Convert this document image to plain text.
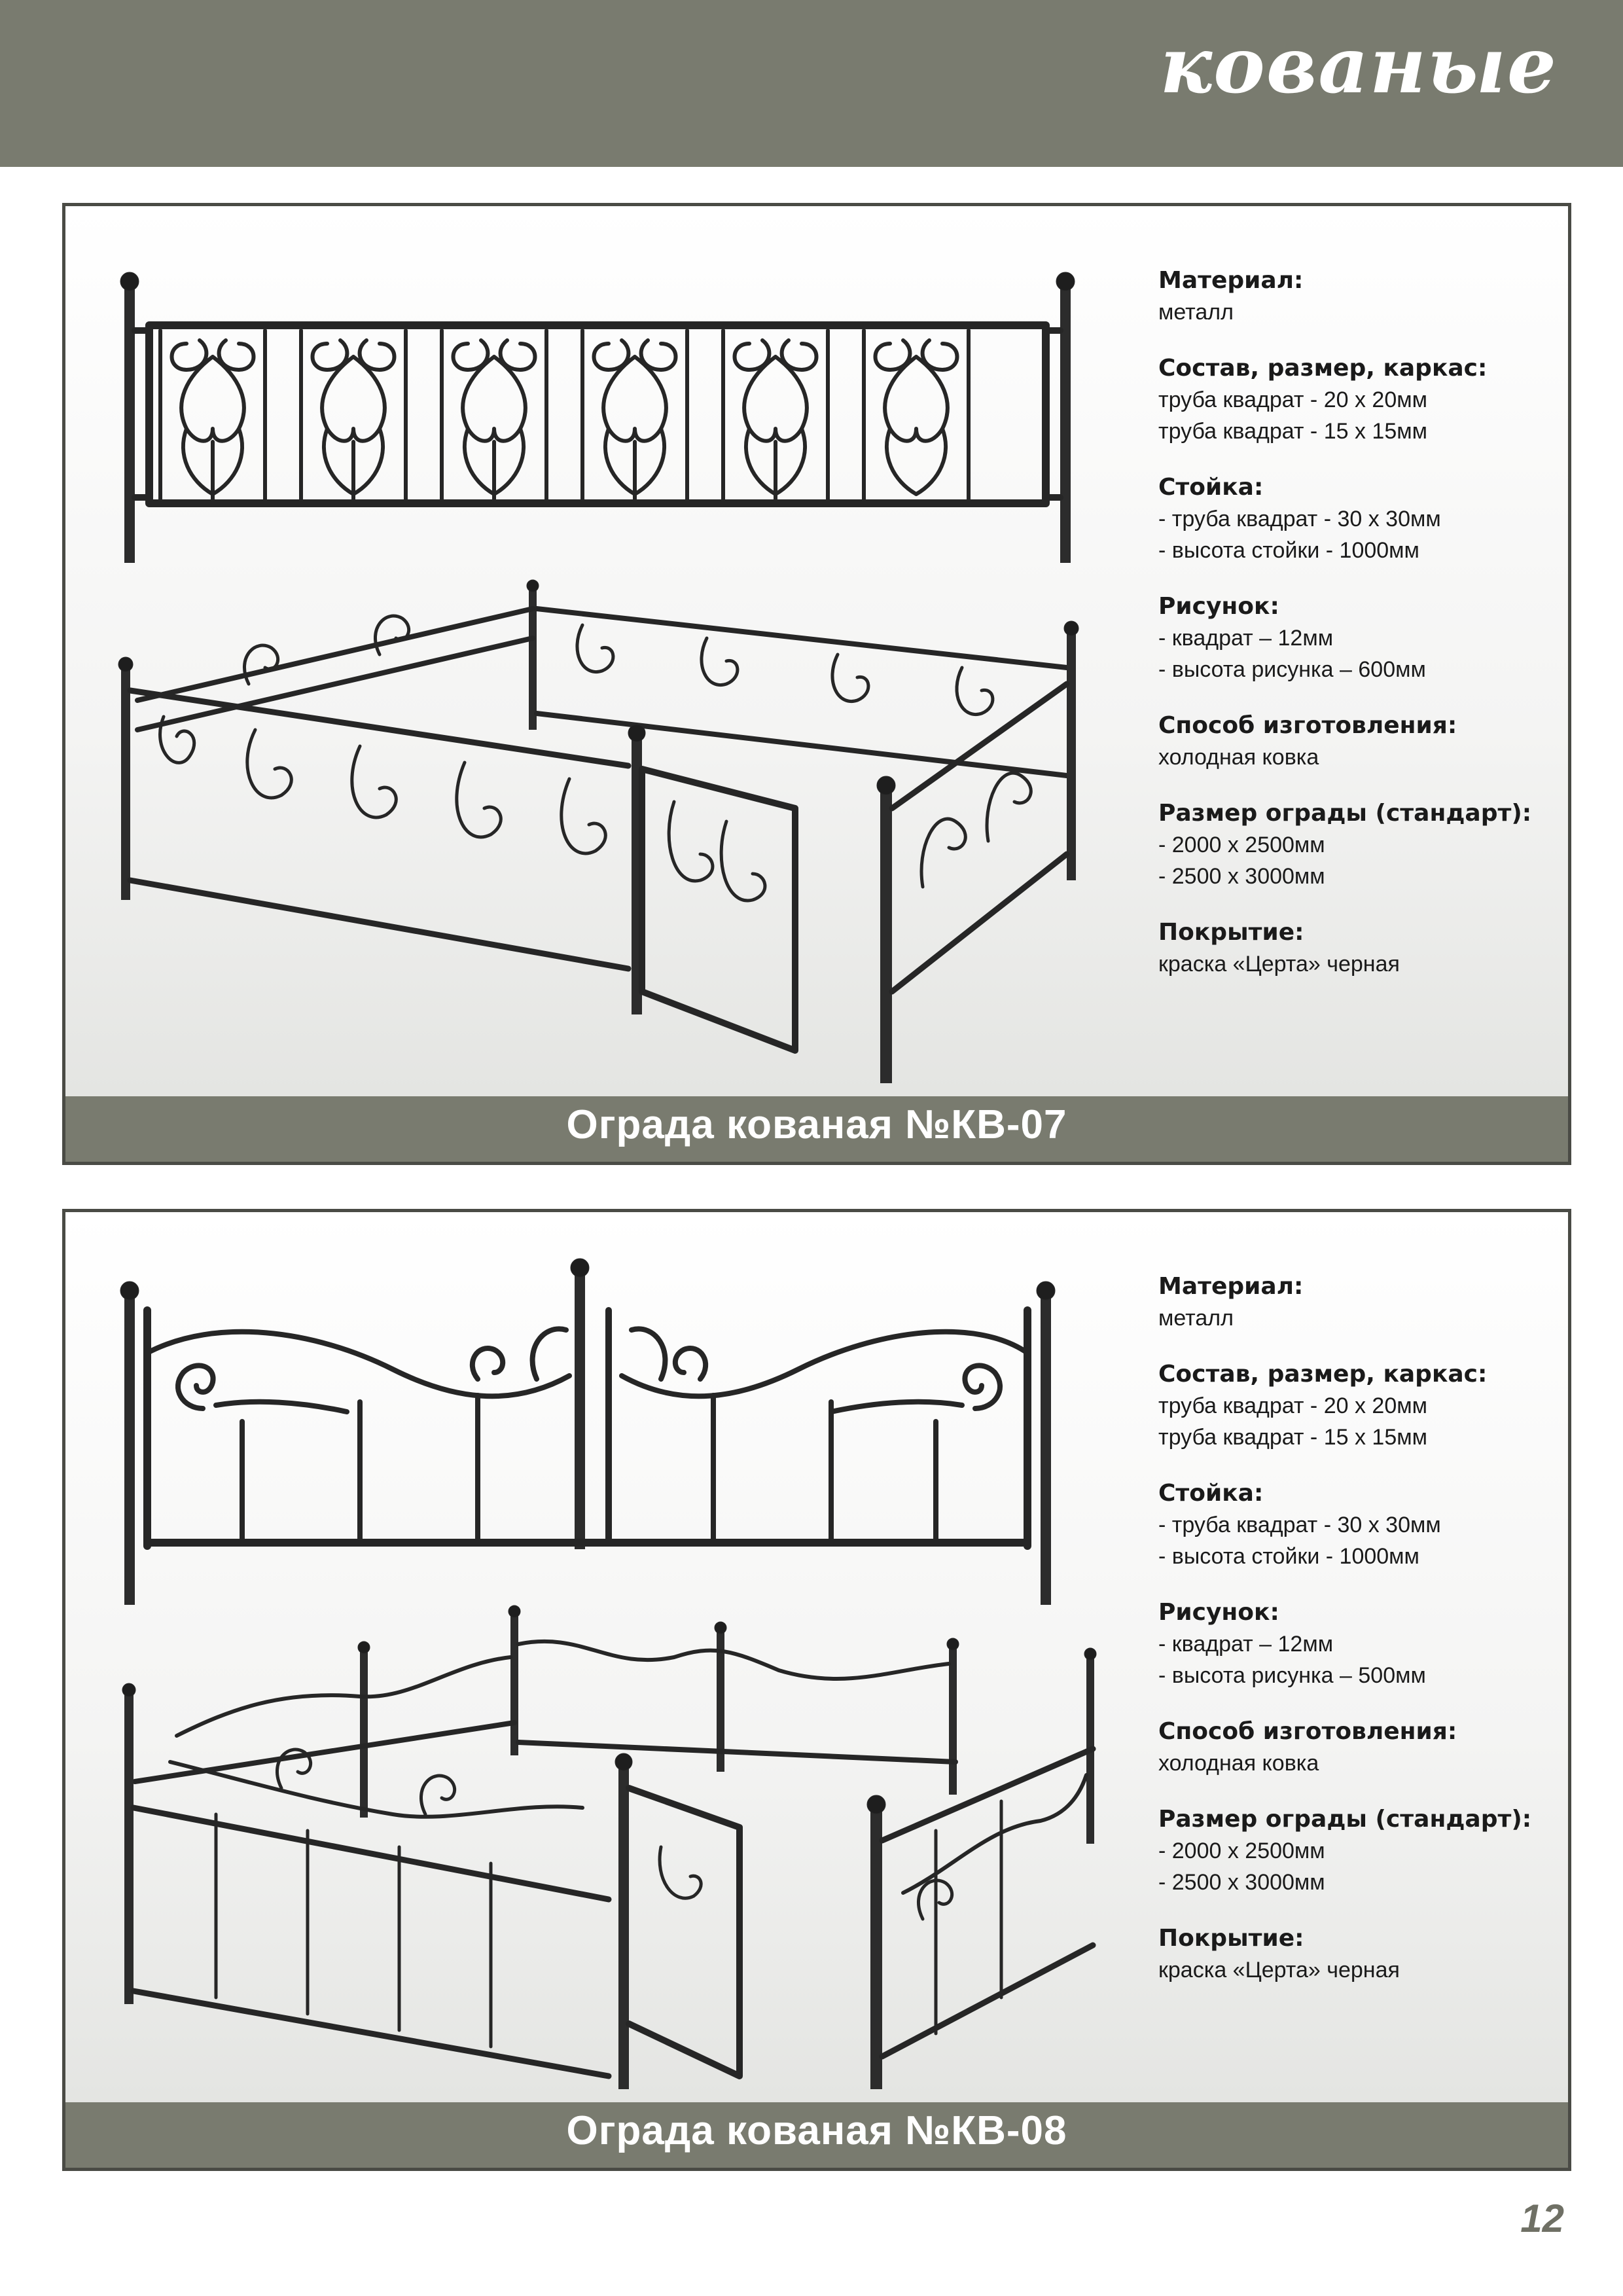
кованые
Материал:
металл
Состав, размер, каркас:
труба квадрат - 20 х 20мм
труба квадрат - 15 х 15мм
Стойка:
- труба квадрат - 30 х 30мм
- высота стойки - 1000мм
Рисунок:
- квадрат – 12мм
- высота рисунка – 600мм
Способ изготовления:
холодная ковка
Размер ограды (стандарт):
- 2000 х 2500мм
- 2500 х 3000мм
Покрытие:
краска «Церта» черная
Ограда кованая №КВ-07
Материал:
металл
Состав, размер, каркас:
труба квадрат - 20 х 20мм
труба квадрат - 15 х 15мм
Стойка:
- труба квадрат - 30 х 30мм
- высота стойки - 1000мм
Рисунок:
- квадрат – 12мм
- высота рисунка – 500мм
Способ изготовления:
холодная ковка
Размер ограды (стандарт):
- 2000 х 2500мм
- 2500 х 3000мм
Покрытие:
краска «Церта» черная
Ограда кованая №КВ-08
12
